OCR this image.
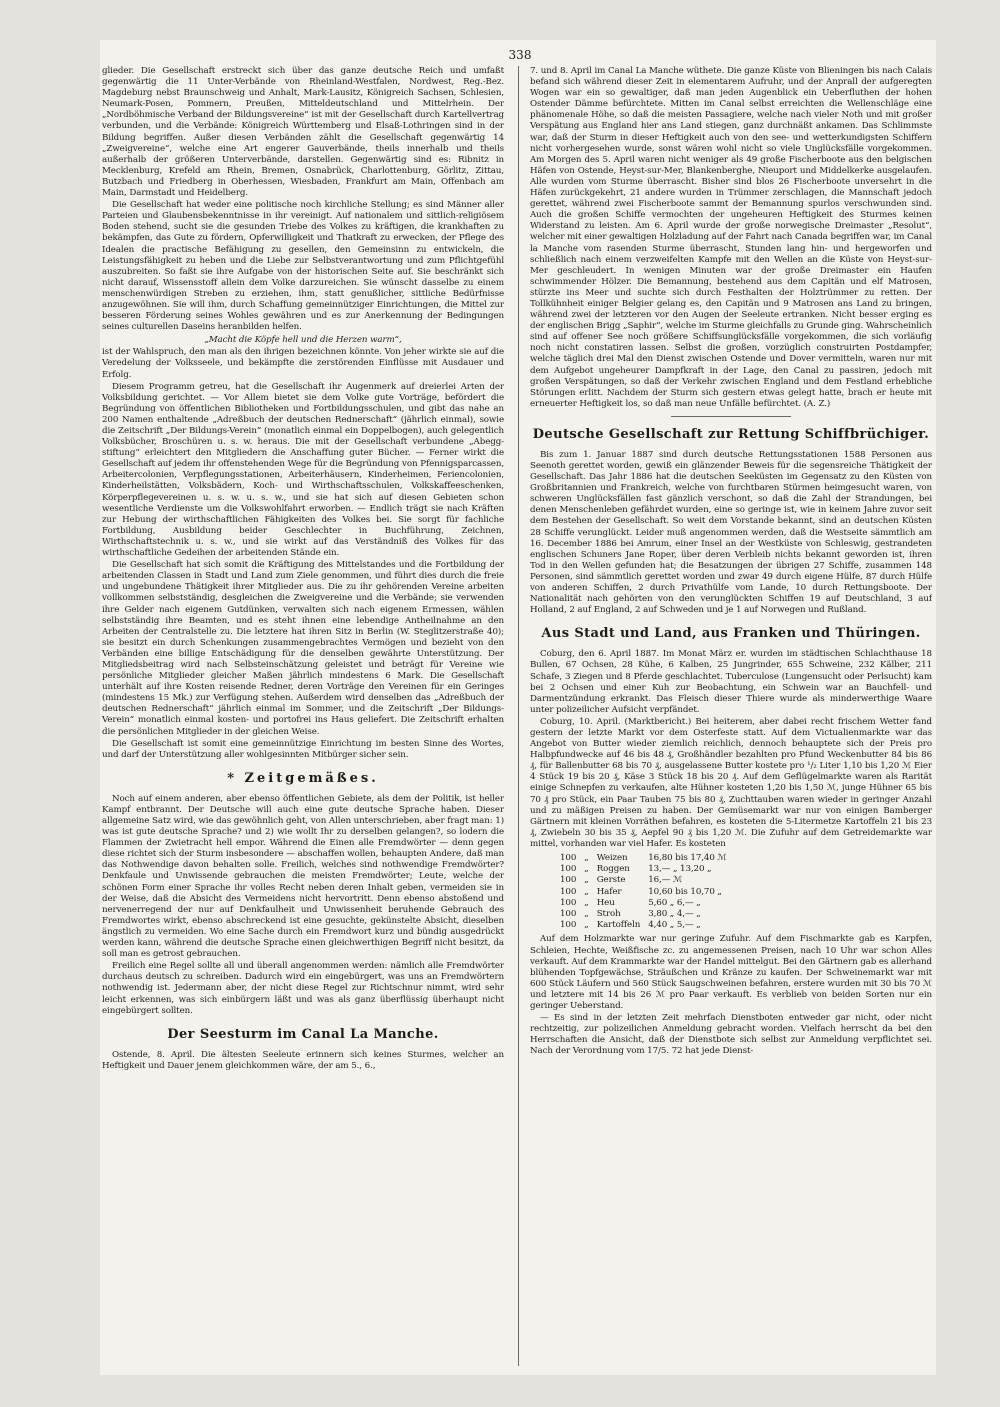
338

glieder. Die Gesellschaft erstreckt sich über das ganze deutsche Reich und umfaßt gegenwärtig die 11 Unter-Verbände von Rheinland-Westfalen, Nordwest, Reg.-Bez. Magdeburg nebst Braunschweig und Anhalt, Mark-Lausitz, Königreich Sachsen, Schlesien, Neumark-Posen, Pommern, Preußen, Mitteldeutschland und Mittelrhein. Der „Nordböhmische Verband der Bildungsvereine“ ist mit der Gesellschaft durch Kartellvertrag verbunden, und die Verbände: Königreich Württemberg und Elsaß-Lothringen sind in der Bildung begriffen. Außer diesen Verbänden zählt die Gesellschaft gegenwärtig 14 „Zweigvereine“, welche eine Art engerer Gauverbände, theils innerhalb und theils außerhalb der größeren Unterverbände, darstellen. Gegenwärtig sind es: Ribnitz in Mecklenburg, Krefeld am Rhein, Bremen, Osnabrück, Charlottenburg, Görlitz, Zittau, Butzbach und Friedberg in Oberhessen, Wiesbaden, Frankfurt am Main, Offenbach am Main, Darmstadt und Heidelberg.

Die Gesellschaft hat weder eine politische noch kirchliche Stellung; es sind Männer aller Parteien und Glaubensbekenntnisse in ihr vereinigt. Auf nationalem und sittlich-religiösem Boden stehend, sucht sie die gesunden Triebe des Volkes zu kräftigen, die krankhaften zu bekämpfen, das Gute zu fördern, Opferwilligkeit und Thatkraft zu erwecken, der Pflege des Idealen die practische Befähigung zu gesellen, den Gemeinsinn zu entwickeln, die Leistungsfähigkeit zu heben und die Liebe zur Selbstverantwortung und zum Pflichtgefühl auszubreiten. So faßt sie ihre Aufgabe von der historischen Seite auf. Sie beschränkt sich nicht darauf, Wissensstoff allein dem Volke darzureichen. Sie wünscht dasselbe zu einem menschenwürdigen Streben zu erziehen, ihm, statt genußlicher, sittliche Bedürfnisse anzugewöhnen. Sie will ihm, durch Schaffung gemeinnütziger Einrichtungen, die Mittel zur besseren Förderung seines Wohles gewähren und es zur Anerkennung der Bedingungen seines culturellen Daseins heranbilden helfen.

„Macht die Köpfe hell und die Herzen warm“,

ist der Wahlspruch, den man als den ihrigen bezeichnen könnte. Von jeher wirkte sie auf die Veredelung der Volksseele, und bekämpfte die zerstörenden Einflüsse mit Ausdauer und Erfolg.

Diesem Programm getreu, hat die Gesellschaft ihr Augenmerk auf dreierlei Arten der Volksbildung gerichtet. — Vor Allem bietet sie dem Volke gute Vorträge, befördert die Begründung von öffentlichen Bibliotheken und Fortbildungsschulen, und gibt das nahe an 200 Namen enthaltende „Adreßbuch der deutschen Rednerschaft“ (jährlich einmal), sowie die Zeitschrift „Der Bildungs-Verein“ (monatlich einmal ein Doppelbogen), auch gelegentlich Volksbücher, Broschüren u. s. w. heraus. Die mit der Gesellschaft verbundene „Abegg-stiftung“ erleichtert den Mitgliedern die Anschaffung guter Bücher. — Ferner wirkt die Gesellschaft auf jedem ihr offenstehenden Wege für die Begründung von Pfennigsparcassen, Arbeitercolonien, Verpflegungsstationen, Arbeiterhäusern, Kinderheimen, Feriencolonien, Kinderheilstätten, Volksbädern, Koch- und Wirthschaftsschulen, Volkskaffeeschenken, Körperpflegevereinen u. s. w. u. s. w., und sie hat sich auf diesen Gebieten schon wesentliche Verdienste um die Volkswohlfahrt erworben. — Endlich trägt sie nach Kräften zur Hebung der wirthschaftlichen Fähigkeiten des Volkes bei. Sie sorgt für fachliche Fortbildung, Ausbildung beider Geschlechter in Buchführung, Zeichnen, Wirthschaftstechnik u. s. w., und sie wirkt auf das Verständniß des Volkes für das wirthschaftliche Gedeihen der arbeitenden Stände ein.

Die Gesellschaft hat sich somit die Kräftigung des Mittelstandes und die Fortbildung der arbeitenden Classen in Stadt und Land zum Ziele genommen, und führt dies durch die freie und ungebundene Thätigkeit ihrer Mitglieder aus. Die zu ihr gehörenden Vereine arbeiten vollkommen selbstständig, desgleichen die Zweigvereine und die Verbände; sie verwenden ihre Gelder nach eigenem Gutdünken, verwalten sich nach eigenem Ermessen, wählen selbstständig ihre Beamten, und es steht ihnen eine lebendige Antheilnahme an den Arbeiten der Centralstelle zu. Die letztere hat ihren Sitz in Berlin (W. Steglitzerstraße 40); sie besitzt ein durch Schenkungen zusammengebrachtes Vermögen und bezieht von den Verbänden eine billige Entschädigung für die denselben gewährte Unterstützung. Der Mitgliedsbeitrag wird nach Selbsteinschätzung geleistet und beträgt für Vereine wie persönliche Mitglieder gleicher Maßen jährlich mindestens 6 Mark. Die Gesellschaft unterhält auf ihre Kosten reisende Redner, deren Vorträge den Vereinen für ein Geringes (mindestens 15 Mk.) zur Verfügung stehen. Außerdem wird denselben das „Adreßbuch der deutschen Rednerschaft“ jährlich einmal im Sommer, und die Zeitschrift „Der Bildungs-Verein“ monatlich einmal kosten- und portofrei ins Haus geliefert. Die Zeitschrift erhalten die persönlichen Mitglieder in der gleichen Weise.

Die Gesellschaft ist somit eine gemeinnützige Einrichtung im besten Sinne des Wortes, und darf der Unterstützung aller wohlgesinnten Mitbürger sicher sein.

* Zeitgemäßes.

Noch auf einem anderen, aber ebenso öffentlichen Gebiete, als dem der Politik, ist heller Kampf entbrannt. Der Deutsche will auch eine gute deutsche Sprache haben. Dieser allgemeine Satz wird, wie das gewöhnlich geht, von Allen unterschrieben, aber fragt man: 1) was ist gute deutsche Sprache? und 2) wie wollt Ihr zu derselben gelangen?, so lodern die Flammen der Zwietracht hell empor. Während die Einen alle Fremdwörter — denn gegen diese richtet sich der Sturm insbesondere — abschaffen wollen, behaupten Andere, daß man das Nothwendige davon behalten solle. Freilich, welches sind nothwendige Fremdwörter? Denkfaule und Unwissende gebrauchen die meisten Fremdwörter; Leute, welche der schönen Form einer Sprache ihr volles Recht neben deren Inhalt geben, vermeiden sie in der Weise, daß die Absicht des Vermeidens nicht hervortritt. Denn ebenso abstoßend und nervenerregend der nur auf Denkfaulheit und Unwissenheit beruhende Gebrauch des Fremdwortes wirkt, ebenso abschreckend ist eine gesuchte, gekünstelte Absicht, dieselben ängstlich zu vermeiden. Wo eine Sache durch ein Fremdwort kurz und bündig ausgedrückt werden kann, während die deutsche Sprache einen gleichwerthigen Begriff nicht besitzt, da soll man es getrost gebrauchen.

Freilich eine Regel sollte all und überall angenommen werden: nämlich alle Fremdwörter durchaus deutsch zu schreiben. Dadurch wird ein eingebürgert, was uns an Fremdwörtern nothwendig ist. Jedermann aber, der nicht diese Regel zur Richtschnur nimmt, wird sehr leicht erkennen, was sich einbürgern läßt und was als ganz überflüssig überhaupt nicht eingebürgert sollten.

Der Seesturm im Canal La Manche.

Ostende, 8. April. Die ältesten Seeleute erinnern sich keines Sturmes, welcher an Heftigkeit und Dauer jenem gleichkommen wäre, der am 5., 6.,

7. und 8. April im Canal La Manche wüthete. Die ganze Küste von Blieningen bis nach Calais befand sich während dieser Zeit in elementarem Aufruhr, und der Anprall der aufgeregten Wogen war ein so gewaltiger, daß man jeden Augenblick ein Ueberfluthen der hohen Ostender Dämme befürchtete. Mitten im Canal selbst erreichten die Wellenschläge eine phänomenale Höhe, so daß die meisten Passagiere, welche nach vieler Noth und mit großer Verspätung aus England hier ans Land stiegen, ganz durchnäßt ankamen. Das Schlimmste war, daß der Sturm in dieser Heftigkeit auch von den see- und wetterkundigsten Schiffern nicht vorhergesehen wurde, sonst wären wohl nicht so viele Unglücksfälle vorgekommen. Am Morgen des 5. April waren nicht weniger als 49 große Fischerboote aus den belgischen Häfen von Ostende, Heyst-sur-Mer, Blankenberghe, Nieuport und Middelkerke ausgelaufen. Alle wurden vom Sturme überrascht. Bisher sind blos 26 Fischerboote unversehrt in die Häfen zurückgekehrt, 21 andere wurden in Trümmer zerschlagen, die Mannschaft jedoch gerettet, während zwei Fischerboote sammt der Bemannung spurlos verschwunden sind. Auch die großen Schiffe vermochten der ungeheuren Heftigkeit des Sturmes keinen Widerstand zu leisten. Am 6. April wurde der große norwegische Dreimaster „Resolut“, welcher mit einer gewaltigen Holzladung auf der Fahrt nach Canada begriffen war, im Canal la Manche vom rasenden Sturme überrascht, Stunden lang hin- und hergeworfen und schließlich nach einem verzweifelten Kampfe mit den Wellen an die Küste von Heyst-sur-Mer geschleudert. In wenigen Minuten war der große Dreimaster ein Haufen schwimmender Hölzer. Die Bemannung, bestehend aus dem Capitän und elf Matrosen, stürzte ins Meer und suchte sich durch Festhalten der Holztrümmer zu retten. Der Tollkühnheit einiger Belgier gelang es, den Capitän und 9 Matrosen ans Land zu bringen, während zwei der letzteren vor den Augen der Seeleute ertranken. Nicht besser erging es der englischen Brigg „Saphir“, welche im Sturme gleichfalls zu Grunde ging. Wahrscheinlich sind auf offener See noch größere Schiffsunglücksfälle vorgekommen, die sich vorläufig noch nicht constatiren lassen. Selbst die großen, vorzüglich construirten Postdampfer, welche täglich drei Mal den Dienst zwischen Ostende und Dover vermitteln, waren nur mit dem Aufgebot ungeheurer Dampfkraft in der Lage, den Canal zu passiren, jedoch mit großen Verspätungen, so daß der Verkehr zwischen England und dem Festland erhebliche Störungen erlitt. Nachdem der Sturm sich gestern etwas gelegt hatte, brach er heute mit erneuerter Heftigkeit los, so daß man neue Unfälle befürchtet. (A. Z.)

Deutsche Gesellschaft zur Rettung Schiffbrüchiger.

Bis zum 1. Januar 1887 sind durch deutsche Rettungsstationen 1588 Personen aus Seenoth gerettet worden, gewiß ein glänzender Beweis für die segensreiche Thätigkeit der Gesellschaft. Das Jahr 1886 hat die deutschen Seeküsten im Gegensatz zu den Küsten von Großbritannien und Frankreich, welche von furchtbaren Stürmen heimgesucht waren, von schweren Unglücksfällen fast gänzlich verschont, so daß die Zahl der Strandungen, bei denen Menschenleben gefährdet wurden, eine so geringe ist, wie in keinem Jahre zuvor seit dem Bestehen der Gesellschaft. So weit dem Vorstande bekannt, sind an deutschen Küsten 28 Schiffe verunglückt. Leider muß angenommen werden, daß die Westseite sämmtlich am 16. December 1886 bei Amrum, einer Insel an der Westküste von Schleswig, gestrandeten englischen Schuners Jane Roper, über deren Verbleib nichts bekannt geworden ist, ihren Tod in den Wellen gefunden hat; die Besatzungen der übrigen 27 Schiffe, zusammen 148 Personen, sind sämmtlich gerettet worden und zwar 49 durch eigene Hülfe, 87 durch Hülfe von anderen Schiffen, 2 durch Privathülfe vom Lande, 10 durch Rettungsboote. Der Nationalität nach gehörten von den verunglückten Schiffen 19 auf Deutschland, 3 auf Holland, 2 auf England, 2 auf Schweden und je 1 auf Norwegen und Rußland.

Aus Stadt und Land, aus Franken und Thüringen.

Coburg, den 6. April 1887. Im Monat März er. wurden im städtischen Schlachthause 18 Bullen, 67 Ochsen, 28 Kühe, 6 Kalben, 25 Jungrinder, 655 Schweine, 232 Kälber, 211 Schafe, 3 Ziegen und 8 Pferde geschlachtet. Tuberculose (Lungensucht oder Perlsucht) kam bei 2 Ochsen und einer Kuh zur Beobachtung, ein Schwein war an Bauchfell- und Darmentzündung erkrankt. Das Fleisch dieser Thiere wurde als minderwerthige Waare unter polizeilicher Aufsicht verpfändet.

Coburg, 10. April. (Marktbericht.) Bei heiterem, aber dabei recht frischem Wetter fand gestern der letzte Markt vor dem Osterfeste statt. Auf dem Victualienmarkte war das Angebot von Butter wieder ziemlich reichlich, dennoch behauptete sich der Preis pro Halbpfundwecke auf 46 bis 48 ₰, Großhändler bezahlten pro Pfund Weckenbutter 84 bis 86 ₰, für Ballenbutter 68 bis 70 ₰, ausgelassene Butter kostete pro ¹/₂ Liter 1,10 bis 1,20 ℳ Eier 4 Stück 19 bis 20 ₰, Käse 3 Stück 18 bis 20 ₰. Auf dem Geflügelmarkte waren als Rarität einige Schnepfen zu verkaufen, alte Hühner kosteten 1,20 bis 1,50 ℳ, junge Hühner 65 bis 70 ₰ pro Stück, ein Paar Tauben 75 bis 80 ₰, Zuchttauben waren wieder in geringer Anzahl und zu mäßigen Preisen zu haben. Der Gemüsemarkt war nur von einigen Bamberger Gärtnern mit kleinen Vorräthen befahren, es kosteten die 5-Litermetze Kartoffeln 21 bis 23 ₰, Zwiebeln 30 bis 35 ₰, Aepfel 90 ₰ bis 1,20 ℳ. Die Zufuhr auf dem Getreidemarkte war mittel, vorhanden war viel Hafer. Es kosteten

100	„	Weizen	16,80 bis 17,40 ℳ
100	„	Roggen	13,— „ 13,20 „
100	„	Gerste	16,— ℳ
100	„	Hafer	10,60 bis 10,70 „
100	„	Heu	5,60 „ 6,— „
100	„	Stroh	3,80 „ 4,— „
100	„	Kartoffeln	4,40 „ 5,— „

Auf dem Holzmarkte war nur geringe Zufuhr. Auf dem Fischmarkte gab es Karpfen, Schleien, Hechte, Weißfische zc. zu angemessenen Preisen, nach 10 Uhr war schon Alles verkauft. Auf dem Krammarkte war der Handel mittelgut. Bei den Gärtnern gab es allerhand blühenden Topfgewächse, Sträußchen und Kränze zu kaufen. Der Schweinemarkt war mit 600 Stück Läufern und 560 Stück Saugschweinen befahren, erstere wurden mit 30 bis 70 ℳ und letztere mit 14 bis 26 ℳ pro Paar verkauft. Es verblieb von beiden Sorten nur ein geringer Ueberstand.

— Es sind in der letzten Zeit mehrfach Dienstboten entweder gar nicht, oder nicht rechtzeitig, zur polizeilichen Anmeldung gebracht worden. Vielfach herrscht da bei den Herrschaften die Ansicht, daß der Dienstbote sich selbst zur Anmeldung verpflichtet sei. Nach der Verordnung vom 17/5. 72 hat jede Dienst-
